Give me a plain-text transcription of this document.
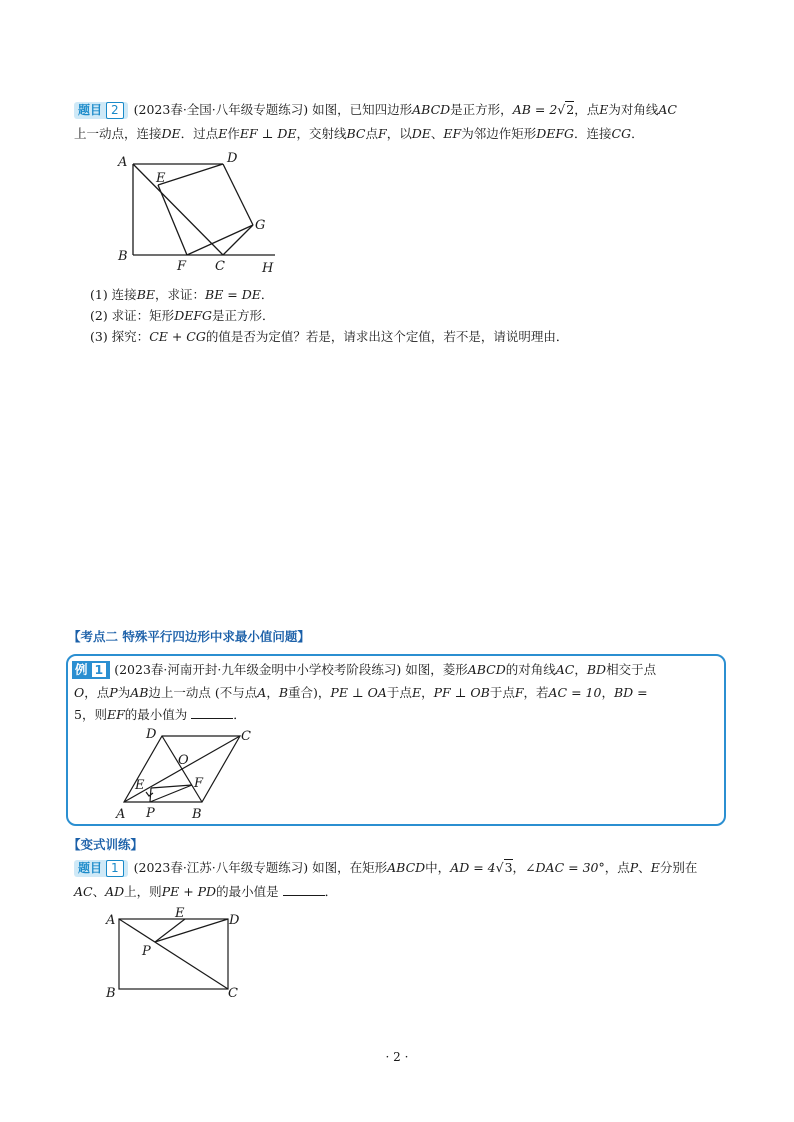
题目 2 (2023春·全国·八年级专题练习) 如图，已知四边形ABCD是正方形，AB = 2√2，点E为对角线AC
上一动点，连接DE．过点E作EF ⊥ DE，交射线BC点F，以DE、EF为邻边作矩形DEFG．连接CG．
A	D
E
G
B
F C	H
(1) 连接BE，求证：BE = DE．
(2) 求证：矩形DEFG是正方形．
(3) 探究：CE + CG的值是否为定值？若是，请求出这个定值，若不是，请说明理由．
【考点二 特殊平行四边形中求最小值问题】
例 1 (2023春·河南开封·九年级金明中小学校考阶段练习) 如图，菱形ABCD的对角线AC，BD相交于点
O，点P为AB边上一动点 (不与点A，B重合)，PE ⊥ OA于点E，PF ⊥ OB于点F，若AC = 10，BD =
5，则EF的最小值为	．
D	C
O
E	F
A P	B
【变式训练】
题目 1 (2023春·江苏·八年级专题练习) 如图，在矩形ABCD中，AD = 4√3，∠DAC = 30°，点P、E分别在
AC、AD上，则PE + PD的最小值是	．
A	E	D
P
B	C
· 2 ·
